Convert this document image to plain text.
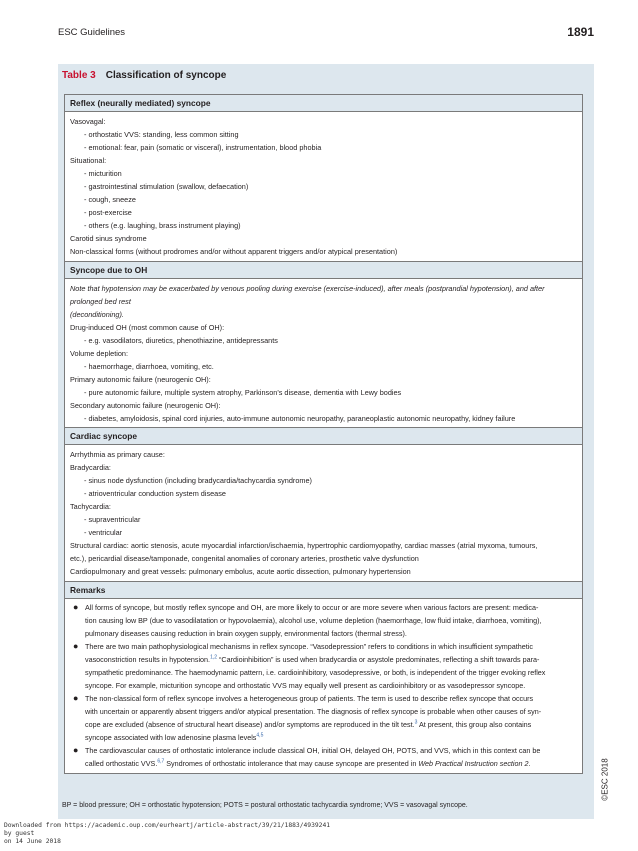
ESC Guidelines	1891
Table 3 Classification of syncope
Reflex (neurally mediated) syncope
Vasovagal:
- orthostatic VVS: standing, less common sitting
- emotional: fear, pain (somatic or visceral), instrumentation, blood phobia
Situational:
- micturition
- gastrointestinal stimulation (swallow, defaecation)
- cough, sneeze
- post-exercise
- others (e.g. laughing, brass instrument playing)
Carotid sinus syndrome
Non-classical forms (without prodromes and/or without apparent triggers and/or atypical presentation)
Syncope due to OH
Note that hypotension may be exacerbated by venous pooling during exercise (exercise-induced), after meals (postprandial hypotension), and after prolonged bed rest
(deconditioning).
Drug-induced OH (most common cause of OH):
- e.g. vasodilators, diuretics, phenothiazine, antidepressants
Volume depletion:
- haemorrhage, diarrhoea, vomiting, etc.
Primary autonomic failure (neurogenic OH):
- pure autonomic failure, multiple system atrophy, Parkinson's disease, dementia with Lewy bodies
Secondary autonomic failure (neurogenic OH):
- diabetes, amyloidosis, spinal cord injuries, auto-immune autonomic neuropathy, paraneoplastic autonomic neuropathy, kidney failure
Cardiac syncope
Arrhythmia as primary cause:
Bradycardia:
- sinus node dysfunction (including bradycardia/tachycardia syndrome)
- atrioventricular conduction system disease
Tachycardia:
- supraventricular
- ventricular
Structural cardiac: aortic stenosis, acute myocardial infarction/ischaemia, hypertrophic cardiomyopathy, cardiac masses (atrial myxoma, tumours,
etc.), pericardial disease/tamponade, congenital anomalies of coronary arteries, prosthetic valve dysfunction
Cardiopulmonary and great vessels: pulmonary embolus, acute aortic dissection, pulmonary hypertension
Remarks
● All forms of syncope, but mostly reflex syncope and OH, are more likely to occur or are more severe when various factors are present: medica-
tion causing low BP (due to vasodilatation or hypovolaemia), alcohol use, volume depletion (haemorrhage, low fluid intake, diarrhoea, vomiting),
pulmonary diseases causing reduction in brain oxygen supply, environmental factors (thermal stress).
● There are two main pathophysiological mechanisms in reflex syncope. “Vasodepression” refers to conditions in which insufficient sympathetic
vasoconstriction results in hypotension.$^{1,2}$ “Cardioinhibition” is used when bradycardia or asystole predominates, reflecting a shift towards para-
sympathetic predominance. The haemodynamic pattern, i.e. cardioinhibitory, vasodepressive, or both, is independent of the trigger evoking reflex
syncope. For example, micturition syncope and orthostatic VVS may equally well present as cardioinhibitory or as vasodepressor syncope.
● The non-classical form of reflex syncope involves a heterogeneous group of patients. The term is used to describe reflex syncope that occurs
with uncertain or apparently absent triggers and/or atypical presentation. The diagnosis of reflex syncope is probable when other causes of syn-
cope are excluded (absence of structural heart disease) and/or symptoms are reproduced in the tilt test.$^3$ At present, this group also contains
syncope associated with low adenosine plasma levels$^{4,5}$
● The cardiovascular causes of orthostatic intolerance include classical OH, initial OH, delayed OH, POTS, and VVS, which in this context can be
called orthostatic VVS.$^{6,7}$ Syndromes of orthostatic intolerance that may cause syncope are presented in Web Practical Instruction section 2.
BP = blood pressure; OH = orthostatic hypotension; POTS = postural orthostatic tachycardia syndrome; VVS = vasovagal syncope.
©ESC 2018
Downloaded from https://academic.oup.com/eurheartj/article-abstract/39/21/1883/4939241
by guest
on 14 June 2018
